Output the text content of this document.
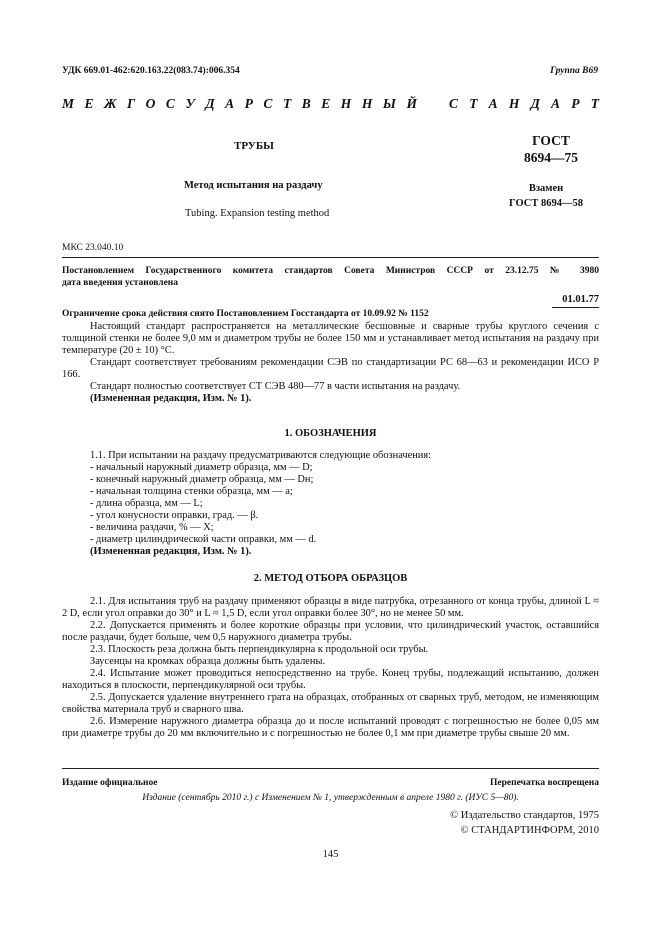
УДК 669.01-462:620.163.22(083.74):006.354	Группа В69
М Е Ж Г О С У Д А Р С Т В Е Н Н Ы Й С Т А Н Д А Р Т
ТРУБЫ	ГОСТ
8694—75
Метод испытания на раздачу	Взамен
ГОСТ 8694—58
Tubing. Expansion testing method
МКС 23.040.10
Постановлением Государственного комитета стандартов Совета Министров СССР от 23.12.75 № 3980
дата введения установлена
01.01.77
Ограничение срока действия снято Постановлением Госстандарта от 10.09.92 № 1152

Настоящий стандарт распространяется на металлические бесшовные и сварные трубы круглого сечения с толщиной стенки не более 9,0 мм и диаметром трубы не более 150 мм и устанавливает метод испытания на раздачу при температуре (20 ± 10) °С.

Стандарт соответствует требованиям рекомендации СЭВ по стандартизации РС 68—63 и рекомендации ИСО Р 166.

Стандарт полностью соответствует СТ СЭВ 480—77 в части испытания на раздачу.

(Измененная редакция, Изм. № 1).

1. ОБОЗНАЧЕНИЯ

1.1. При испытании на раздачу предусматриваются следующие обозначения:

- начальный наружный диаметр образца, мм — D;
- конечный наружный диаметр образца, мм — Dн;
- начальная толщина стенки образца, мм — а;
- длина образца, мм — L;
- угол конусности оправки, град. — β.
- величина раздачи, % — X;
- диаметр цилиндрической части оправки, мм — d.

(Измененная редакция, Изм. № 1).

2. МЕТОД ОТБОРА ОБРАЗЦОВ

2.1. Для испытания труб на раздачу применяют образцы в виде патрубка, отрезанного от конца трубы, длиной L ≈ 2 D, если угол оправки до 30° и L ≈ 1,5 D, если угол оправки более 30°, но не менее 50 мм.

2.2. Допускается применять и более короткие образцы при условии, что цилиндрический участок, оставшийся после раздачи, будет больше, чем 0,5 наружного диаметра трубы.

2.3. Плоскость реза должна быть перпендикулярна к продольной оси трубы.

Заусенцы на кромках образца должны быть удалены.

2.4. Испытание может проводиться непосредственно на трубе. Конец трубы, подлежащий испытанию, должен находиться в плоскости, перпендикулярной оси трубы.

2.5. Допускается удаление внутреннего грата на образцах, отобранных от сварных труб, методом, не изменяющим свойства материала труб и сварного шва.

2.6. Измерение наружного диаметра образца до и после испытаний проводят с погрешностью не более 0,05 мм при диаметре трубы до 20 мм включительно и с погрешностью не более 0,1 мм при диаметре трубы свыше 20 мм.

Издание официальное	Перепечатка воспрещена
Издание (сентябрь 2010 г.) с Изменением № 1, утвержденным в апреле 1980 г. (ИУС 5—80).
© Издательство стандартов, 1975
© СТАНДАРТИНФОРМ, 2010
145
